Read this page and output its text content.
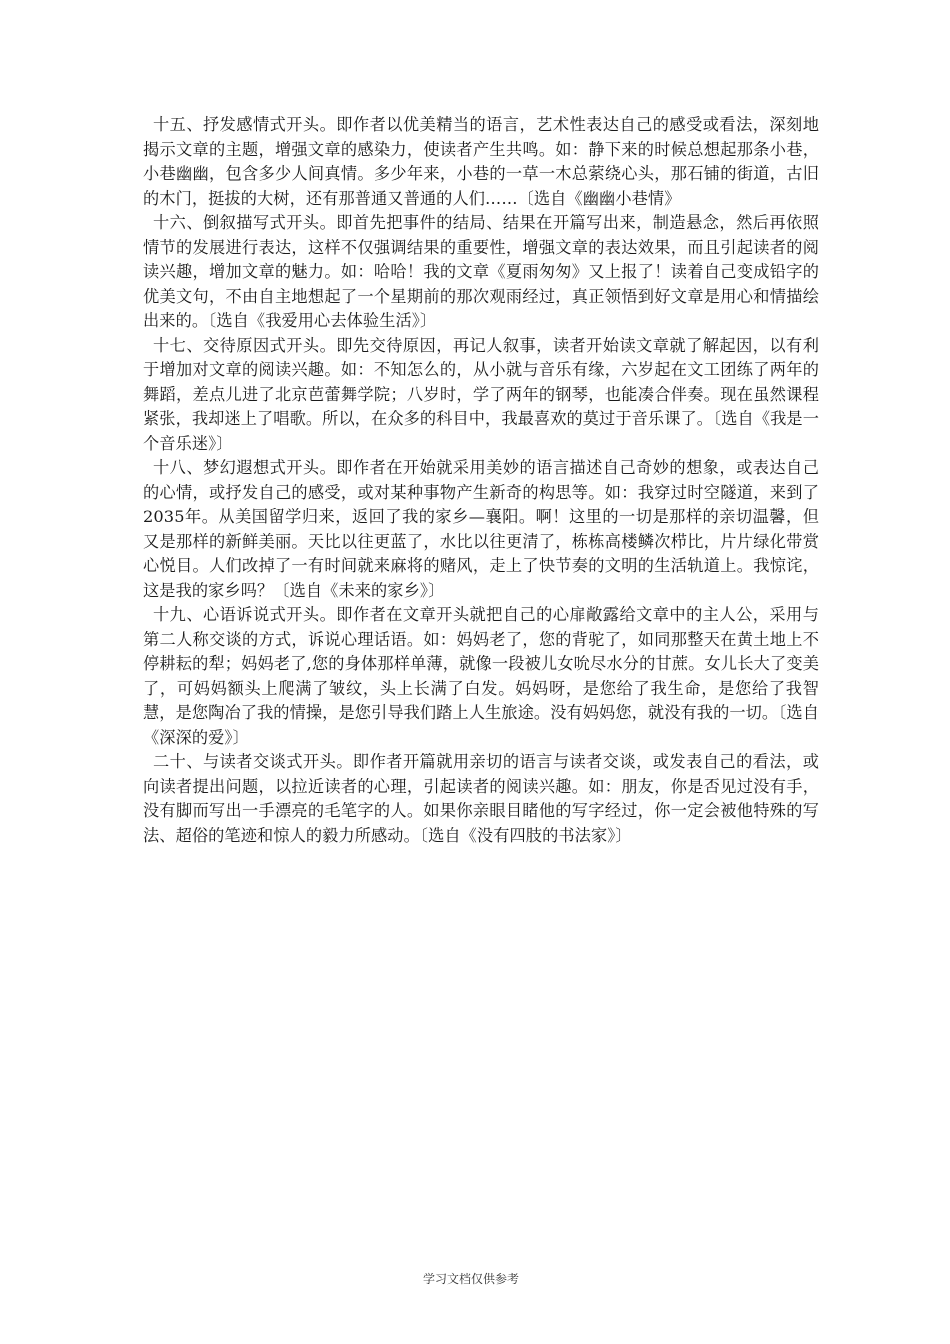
十五、抒发感情式开头。即作者以优美精当的语言，艺术性表达自己的感受或看法，深刻地揭示文章的主题，增强文章的感染力，使读者产生共鸣。如：静下来的时候总想起那条小巷，小巷幽幽，包含多少人间真情。多少年来，小巷的一草一木总萦绕心头，那石铺的街道，古旧的木门，挺拔的大树，还有那普通又普通的人们……〔选自《幽幽小巷情》

十六、倒叙描写式开头。即首先把事件的结局、结果在开篇写出来，制造悬念，然后再依照情节的发展进行表达，这样不仅强调结果的重要性，增强文章的表达效果，而且引起读者的阅读兴趣，增加文章的魅力。如：哈哈！我的文章《夏雨匆匆》又上报了！读着自己变成铅字的优美文句，不由自主地想起了一个星期前的那次观雨经过，真正领悟到好文章是用心和情描绘出来的。〔选自《我爱用心去体验生活》〕

十七、交待原因式开头。即先交待原因，再记人叙事，读者开始读文章就了解起因，以有利于增加对文章的阅读兴趣。如：不知怎么的，从小就与音乐有缘，六岁起在文工团练了两年的舞蹈，差点儿进了北京芭蕾舞学院；八岁时，学了两年的钢琴，也能凑合伴奏。现在虽然课程紧张，我却迷上了唱歌。所以，在众多的科目中，我最喜欢的莫过于音乐课了。〔选自《我是一个音乐迷》〕

十八、梦幻遐想式开头。即作者在开始就采用美妙的语言描述自己奇妙的想象，或表达自己的心情，或抒发自己的感受，或对某种事物产生新奇的构思等。如：我穿过时空隧道，来到了2035年。从美国留学归来，返回了我的家乡—襄阳。啊！这里的一切是那样的亲切温馨，但又是那样的新鲜美丽。天比以往更蓝了，水比以往更清了，栋栋高楼鳞次栉比，片片绿化带赏心悦目。人们改掉了一有时间就来麻将的赌风，走上了快节奏的文明的生活轨道上。我惊诧，这是我的家乡吗？〔选自《未来的家乡》〕

十九、心语诉说式开头。即作者在文章开头就把自己的心扉敞露给文章中的主人公，采用与第二人称交谈的方式，诉说心理话语。如：妈妈老了，您的背驼了，如同那整天在黄土地上不停耕耘的犁；妈妈老了,您的身体那样单薄，就像一段被儿女吮尽水分的甘蔗。女儿长大了变美了，可妈妈额头上爬满了皱纹，头上长满了白发。妈妈呀，是您给了我生命，是您给了我智慧，是您陶冶了我的情操，是您引导我们踏上人生旅途。没有妈妈您，就没有我的一切。〔选自《深深的爱》〕

二十、与读者交谈式开头。即作者开篇就用亲切的语言与读者交谈，或发表自己的看法，或向读者提出问题，以拉近读者的心理，引起读者的阅读兴趣。如：朋友，你是否见过没有手，没有脚而写出一手漂亮的毛笔字的人。如果你亲眼目睹他的写字经过，你一定会被他特殊的写法、超俗的笔迹和惊人的毅力所感动。〔选自《没有四肢的书法家》〕

学习文档仅供参考
